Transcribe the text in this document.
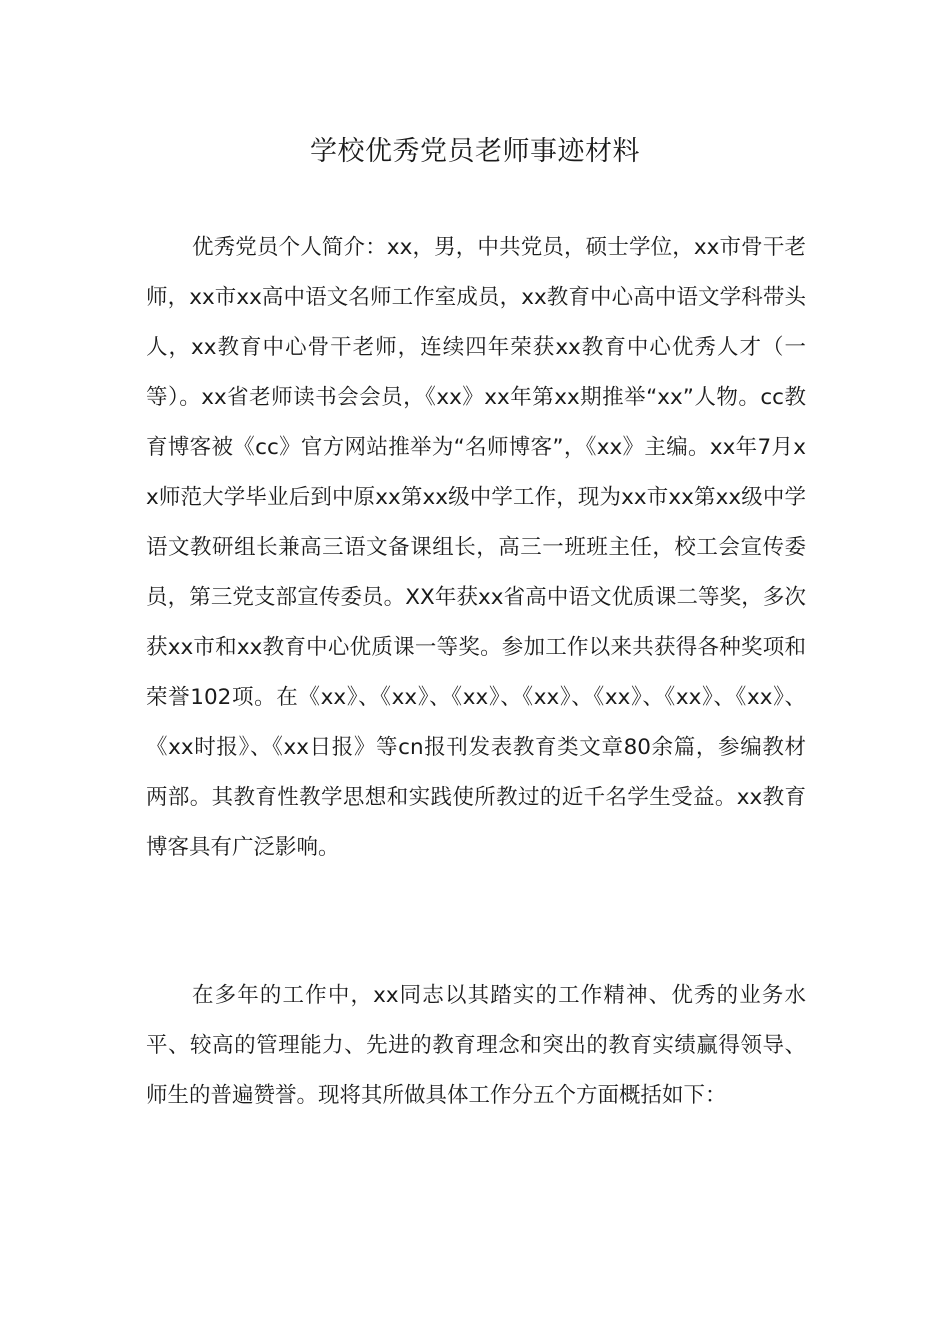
学校优秀党员老师事迹材料

优秀党员个人简介：xx，男，中共党员，硕士学位，xx市骨干老师，xx市xx高中语文名师工作室成员，xx教育中心高中语文学科带头人，xx教育中心骨干老师，连续四年荣获xx教育中心优秀人才（一等）。xx省老师读书会会员，《xx》xx年第xx期推举“xx”人物。cc教育博客被《cc》官方网站推举为“名师博客”，《xx》主编。xx年7月xx师范大学毕业后到中原xx第xx级中学工作，现为xx市xx第xx级中学语文教研组长兼高三语文备课组长，高三一班班主任，校工会宣传委员，第三党支部宣传委员。XX年获xx省高中语文优质课二等奖，多次获xx市和xx教育中心优质课一等奖。参加工作以来共获得各种奖项和荣誉102项。在《xx》、《xx》、《xx》、《xx》、《xx》、《xx》、《xx》、《xx时报》、《xx日报》等cn报刊发表教育类文章80余篇，参编教材两部。其教育性教学思想和实践使所教过的近千名学生受益。xx教育博客具有广泛影响。

在多年的工作中，xx同志以其踏实的工作精神、优秀的业务水平、较高的管理能力、先进的教育理念和突出的教育实绩赢得领导、师生的普遍赞誉。现将其所做具体工作分五个方面概括如下：
